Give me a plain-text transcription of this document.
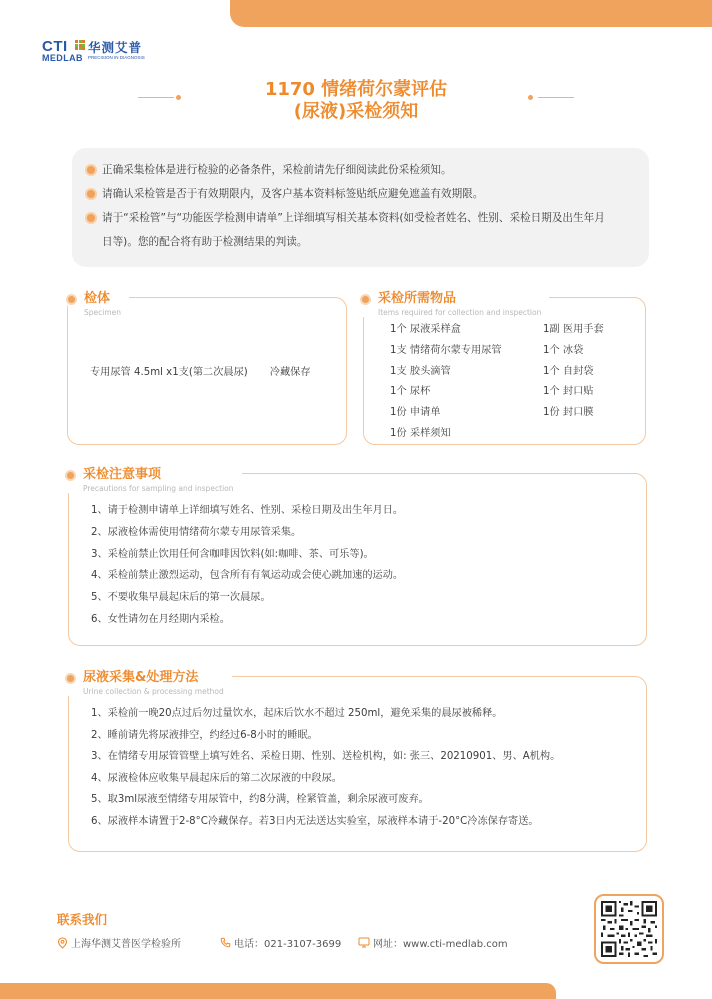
CTI 华测艾普
MEDLAB PRECISION IN DIAGNOSIS
1170 情绪荷尔蒙评估
(尿液)采检须知
正确采集检体是进行检验的必备条件，采检前请先仔细阅读此份采检须知。
请确认采检管是否于有效期限内，及客户基本资料标签贴纸应避免遮盖有效期限。
请于“采检管”与“功能医学检测申请单”上详细填写相关基本资料(如受检者姓名、性别、采检日期及出生年月
日等)。您的配合将有助于检测结果的判读。
检体
Specimen
专用尿管 4.5ml x1支(第二次晨尿) 冷藏保存
采检所需物品
Items required for collection and inspection
1个 尿液采样盒
1支 情绪荷尔蒙专用尿管
1支 胶头滴管
1个 尿杯
1份 申请单
1份 采样须知
1副 医用手套
1个 冰袋
1个 自封袋
1个 封口贴
1份 封口膜
采检注意事项
Precautions for sampling and inspection
1、请于检测申请单上详细填写姓名、性别、采检日期及出生年月日。
2、尿液检体需使用情绪荷尔蒙专用尿管采集。
3、采检前禁止饮用任何含咖啡因饮料(如:咖啡、茶、可乐等)。
4、采检前禁止激烈运动，包含所有有氧运动或会使心跳加速的运动。
5、不要收集早晨起床后的第一次晨尿。
6、女性请勿在月经期内采检。
尿液采集&处理方法
Urine collection & processing method
1、采检前一晚20点过后勿过量饮水，起床后饮水不超过 250ml，避免采集的晨尿被稀释。
2、睡前请先将尿液排空，约经过6-8小时的睡眠。
3、在情绪专用尿管管壁上填写姓名、采检日期、性别、送检机构，如: 张三、20210901、男、A机构。
4、尿液检体应收集早晨起床后的第二次尿液的中段尿。
5、取3ml尿液至情绪专用尿管中，约8分满，栓紧管盖，剩余尿液可废弃。
6、尿液样本请置于2-8°C冷藏保存。若3日内无法送达实验室，尿液样本请于-20°C冷冻保存寄送。
联系我们
上海华测艾普医学检验所	电话：021-3107-3699	网址：www.cti-medlab.com
